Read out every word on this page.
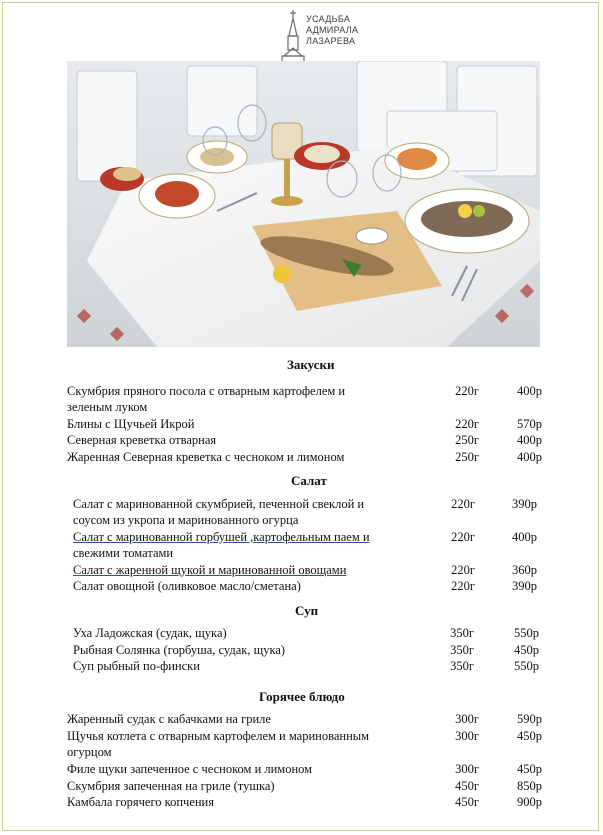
УСАДЬБА
АДМИРАЛА
ЛАЗАРЕВА
Закуски
Скумбрия пряного посола с отварным картофелем и
зеленым луком
220г	400р
Блины с Щучьей Икрой	220г	570р
Северная креветка отварная	250г	400р
Жаренная Северная креветка с чесноком и лимоном	250г	400р
Салат
Салат с маринованной скумбрией, печенной свеклой и
соусом из укропа и маринованного огурца
220г	390р
Салат с маринованной горбушей ,картофельным паем и
свежими томатами
220г	400р
Салат с жаренной щукой и маринованной овощами	220г	360р
Салат овощной (оливковое масло/сметана)	220г	390р
Суп
Уха Ладожская (судак, щука)	350г	550р
Рыбная Солянка (горбуша, судак, щука)	350г	450р
Суп рыбный по-фински	350г	550р
Горячее блюдо
Жаренный судак с кабачками на гриле	300г	590р
Щучья котлета с отварным картофелем и маринованным
огурцом
300г	450р
Филе щуки запеченное с чесноком и лимоном	300г	450р
Скумбрия запеченная на гриле (тушка)	450г	850р
Камбала горячего копчения	450г	900р
